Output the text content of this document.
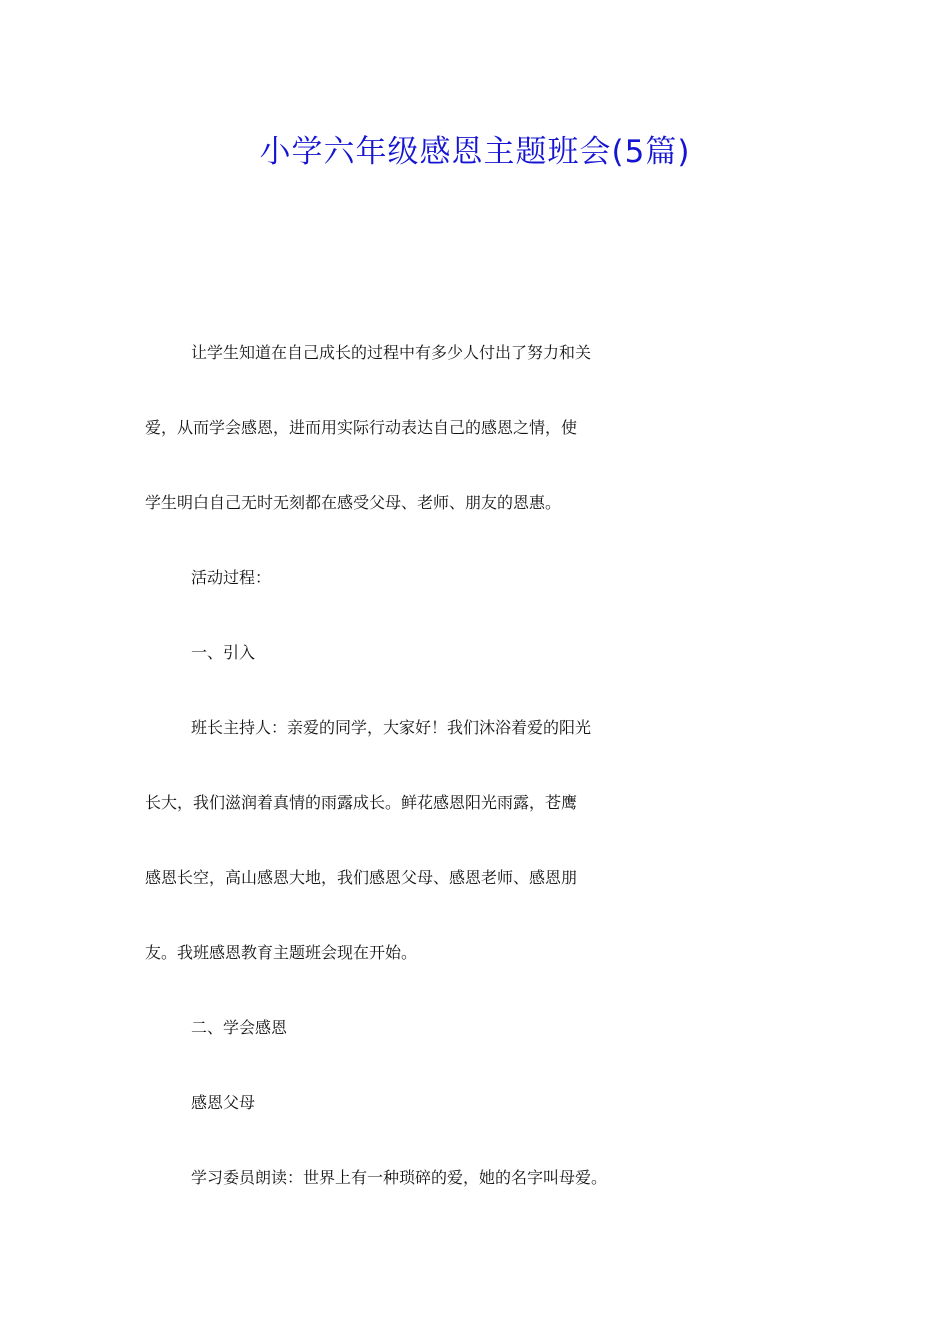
小学六年级感恩主题班会(5篇)
让学生知道在自己成长的过程中有多少人付出了努力和关
爱，从而学会感恩，进而用实际行动表达自己的感恩之情，使
学生明白自己无时无刻都在感受父母、老师、朋友的恩惠。
活动过程：
一、引入
班长主持人：亲爱的同学，大家好！我们沐浴着爱的阳光
长大，我们滋润着真情的雨露成长。鲜花感恩阳光雨露，苍鹰
感恩长空，高山感恩大地，我们感恩父母、感恩老师、感恩朋
友。我班感恩教育主题班会现在开始。
二、学会感恩
感恩父母
学习委员朗读：世界上有一种琐碎的爱，她的名字叫母爱。
